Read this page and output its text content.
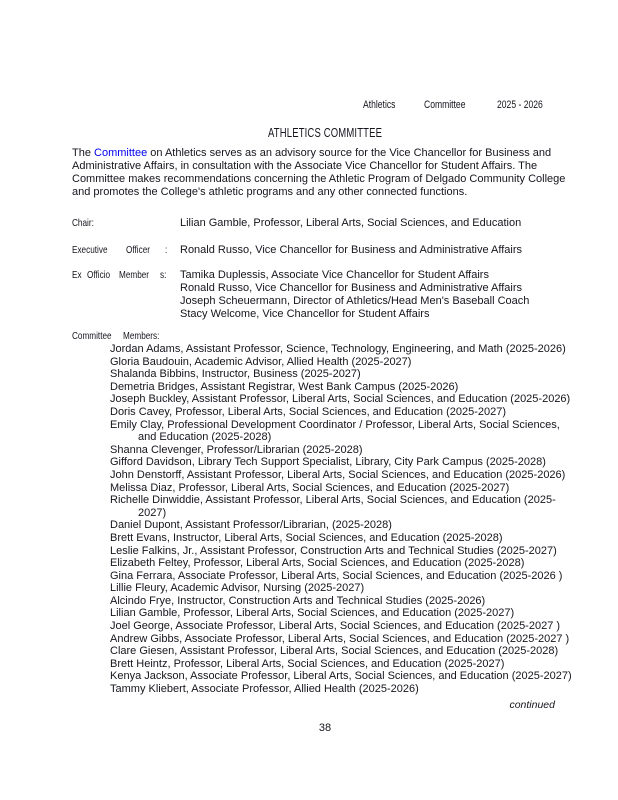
Athletics	Committee	2025 - 2026
ATHLETICS COMMITTEE

The Committee on Athletics serves as an advisory source for the Vice Chancellor for Business and Administrative Affairs, in consultation with the Associate Vice Chancellor for Student Affairs. The Committee makes recommendations concerning the Athletic Program of Delgado Community College and promotes the College's athletic programs and any other connected functions.

Chair:	Lilian Gamble, Professor, Liberal Arts, Social Sciences, and Education
Executive Officer : Ronald Russo, Vice Chancellor for Business and Administrative Affairs
Ex Officio Member s: Tamika Duplessis, Associate Vice Chancellor for Student Affairs
Ronald Russo, Vice Chancellor for Business and Administrative Affairs
Joseph Scheuermann, Director of Athletics/Head Men's Baseball Coach
Stacy Welcome, Vice Chancellor for Student Affairs
Committee Members:
Jordan Adams, Assistant Professor, Science, Technology, Engineering, and Math (2025-2026)
Gloria Baudouin, Academic Advisor, Allied Health (2025-2027)
Shalanda Bibbins, Instructor, Business (2025-2027)
Demetria Bridges, Assistant Registrar, West Bank Campus (2025-2026)
Joseph Buckley, Assistant Professor, Liberal Arts, Social Sciences, and Education (2025-2026)
Doris Cavey, Professor, Liberal Arts, Social Sciences, and Education (2025-2027)
Emily Clay, Professional Development Coordinator / Professor, Liberal Arts, Social Sciences, and Education (2025-2028)
Shanna Clevenger, Professor/Librarian (2025-2028)
Gifford Davidson, Library Tech Support Specialist, Library, City Park Campus (2025-2028)
John Denstorff, Assistant Professor, Liberal Arts, Social Sciences, and Education (2025-2026)
Melissa Diaz, Professor, Liberal Arts, Social Sciences, and Education (2025-2027)
Richelle Dinwiddie, Assistant Professor, Liberal Arts, Social Sciences, and Education (2025-2027)
Daniel Dupont, Assistant Professor/Librarian, (2025-2028)
Brett Evans, Instructor, Liberal Arts, Social Sciences, and Education (2025-2028)
Leslie Falkins, Jr., Assistant Professor, Construction Arts and Technical Studies (2025-2027)
Elizabeth Feltey, Professor, Liberal Arts, Social Sciences, and Education (2025-2028)
Gina Ferrara, Associate Professor, Liberal Arts, Social Sciences, and Education (2025-2026 )
Lillie Fleury, Academic Advisor, Nursing (2025-2027)
Alcindo Frye, Instructor, Construction Arts and Technical Studies (2025-2026)
Lilian Gamble, Professor, Liberal Arts, Social Sciences, and Education (2025-2027)
Joel George, Associate Professor, Liberal Arts, Social Sciences, and Education (2025-2027 )
Andrew Gibbs, Associate Professor, Liberal Arts, Social Sciences, and Education (2025-2027 )
Clare Giesen, Assistant Professor, Liberal Arts, Social Sciences, and Education (2025-2028)
Brett Heintz, Professor, Liberal Arts, Social Sciences, and Education (2025-2027)
Kenya Jackson, Associate Professor, Liberal Arts, Social Sciences, and Education (2025-2027)
Tammy Kliebert, Associate Professor, Allied Health (2025-2026)
continued
38
